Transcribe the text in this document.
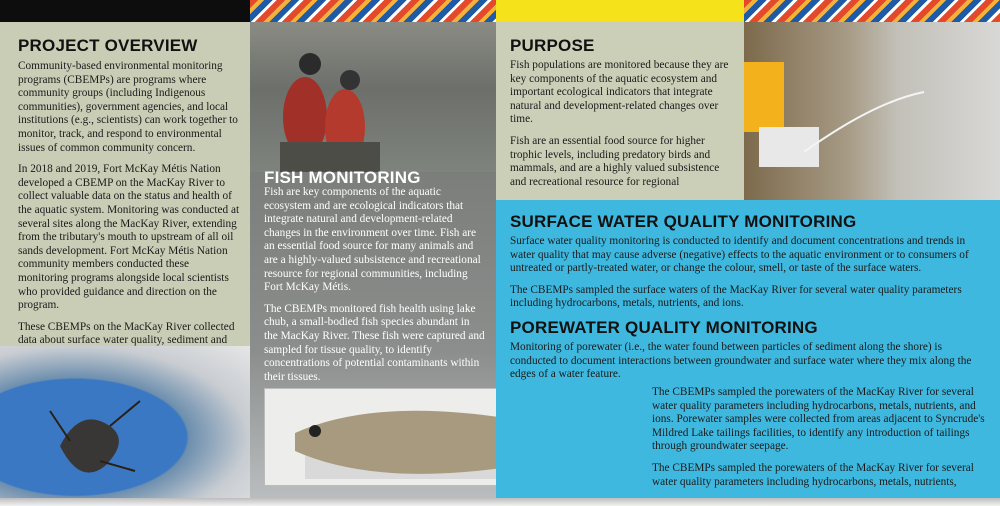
PROJECT OVERVIEW

Community-based environmental monitoring programs (CBEMPs) are programs where community groups (including Indigenous communities), government agencies, and local institutions (e.g., scientists) can work together to monitor, track, and respond to environmental issues of common community concern.

In 2018 and 2019, Fort McKay Métis Nation developed a CBEMP on the MacKay River to collect valuable data on the status and health of the aquatic system. Monitoring was conducted at several sites along the MacKay River, extending from the tributary's mouth to upstream of all oil sands development. Fort McKay Métis Nation community members conducted these monitoring programs alongside local scientists who provided guidance and direction on the program.

These CBEMPs on the MacKay River collected data about surface water quality, sediment and

FISH MONITORING

Fish are key components of the aquatic ecosystem and are ecological indicators that integrate natural and development-related changes in the environment over time. Fish are an essential food source for many animals and are a highly-valued subsistence and recreational resource for regional communities, including Fort McKay Métis.

The CBEMPs monitored fish health using lake chub, a small-bodied fish species abundant in the MacKay River. These fish were captured and sampled for tissue quality, to identify concentrations of potential contaminants within their tissues.

PURPOSE

Fish populations are monitored because they are key components of the aquatic ecosystem and important ecological indicators that integrate natural and development-related changes over time.

Fish are an essential food source for higher trophic levels, including predatory birds and mammals, and are a highly valued subsistence and recreational resource for regional

SURFACE WATER QUALITY MONITORING

Surface water quality monitoring is conducted to identify and document concentrations and trends in water quality that may cause adverse (negative) effects to the aquatic environment or to consumers of untreated or partly-treated water, or change the colour, smell, or taste of the surface waters.

The CBEMPs sampled the surface waters of the MacKay River for several water quality parameters including hydrocarbons, metals, nutrients, and ions.

POREWATER QUALITY MONITORING
Monitoring of porewater (i.e., the water found between particles of sediment along the shore) is conducted to document interactions between groundwater and surface water where they mix along the edges of a water feature.

The CBEMPs sampled the porewaters of the MacKay River for several water quality parameters including hydrocarbons, metals, nutrients, and ions. Porewater samples were collected from areas adjacent to Syncrude's Mildred Lake tailings facilities, to identify any introduction of tailings through groundwater seepage.

The CBEMPs sampled the porewaters of the MacKay River for several water quality parameters including hydrocarbons, metals, nutrients,
